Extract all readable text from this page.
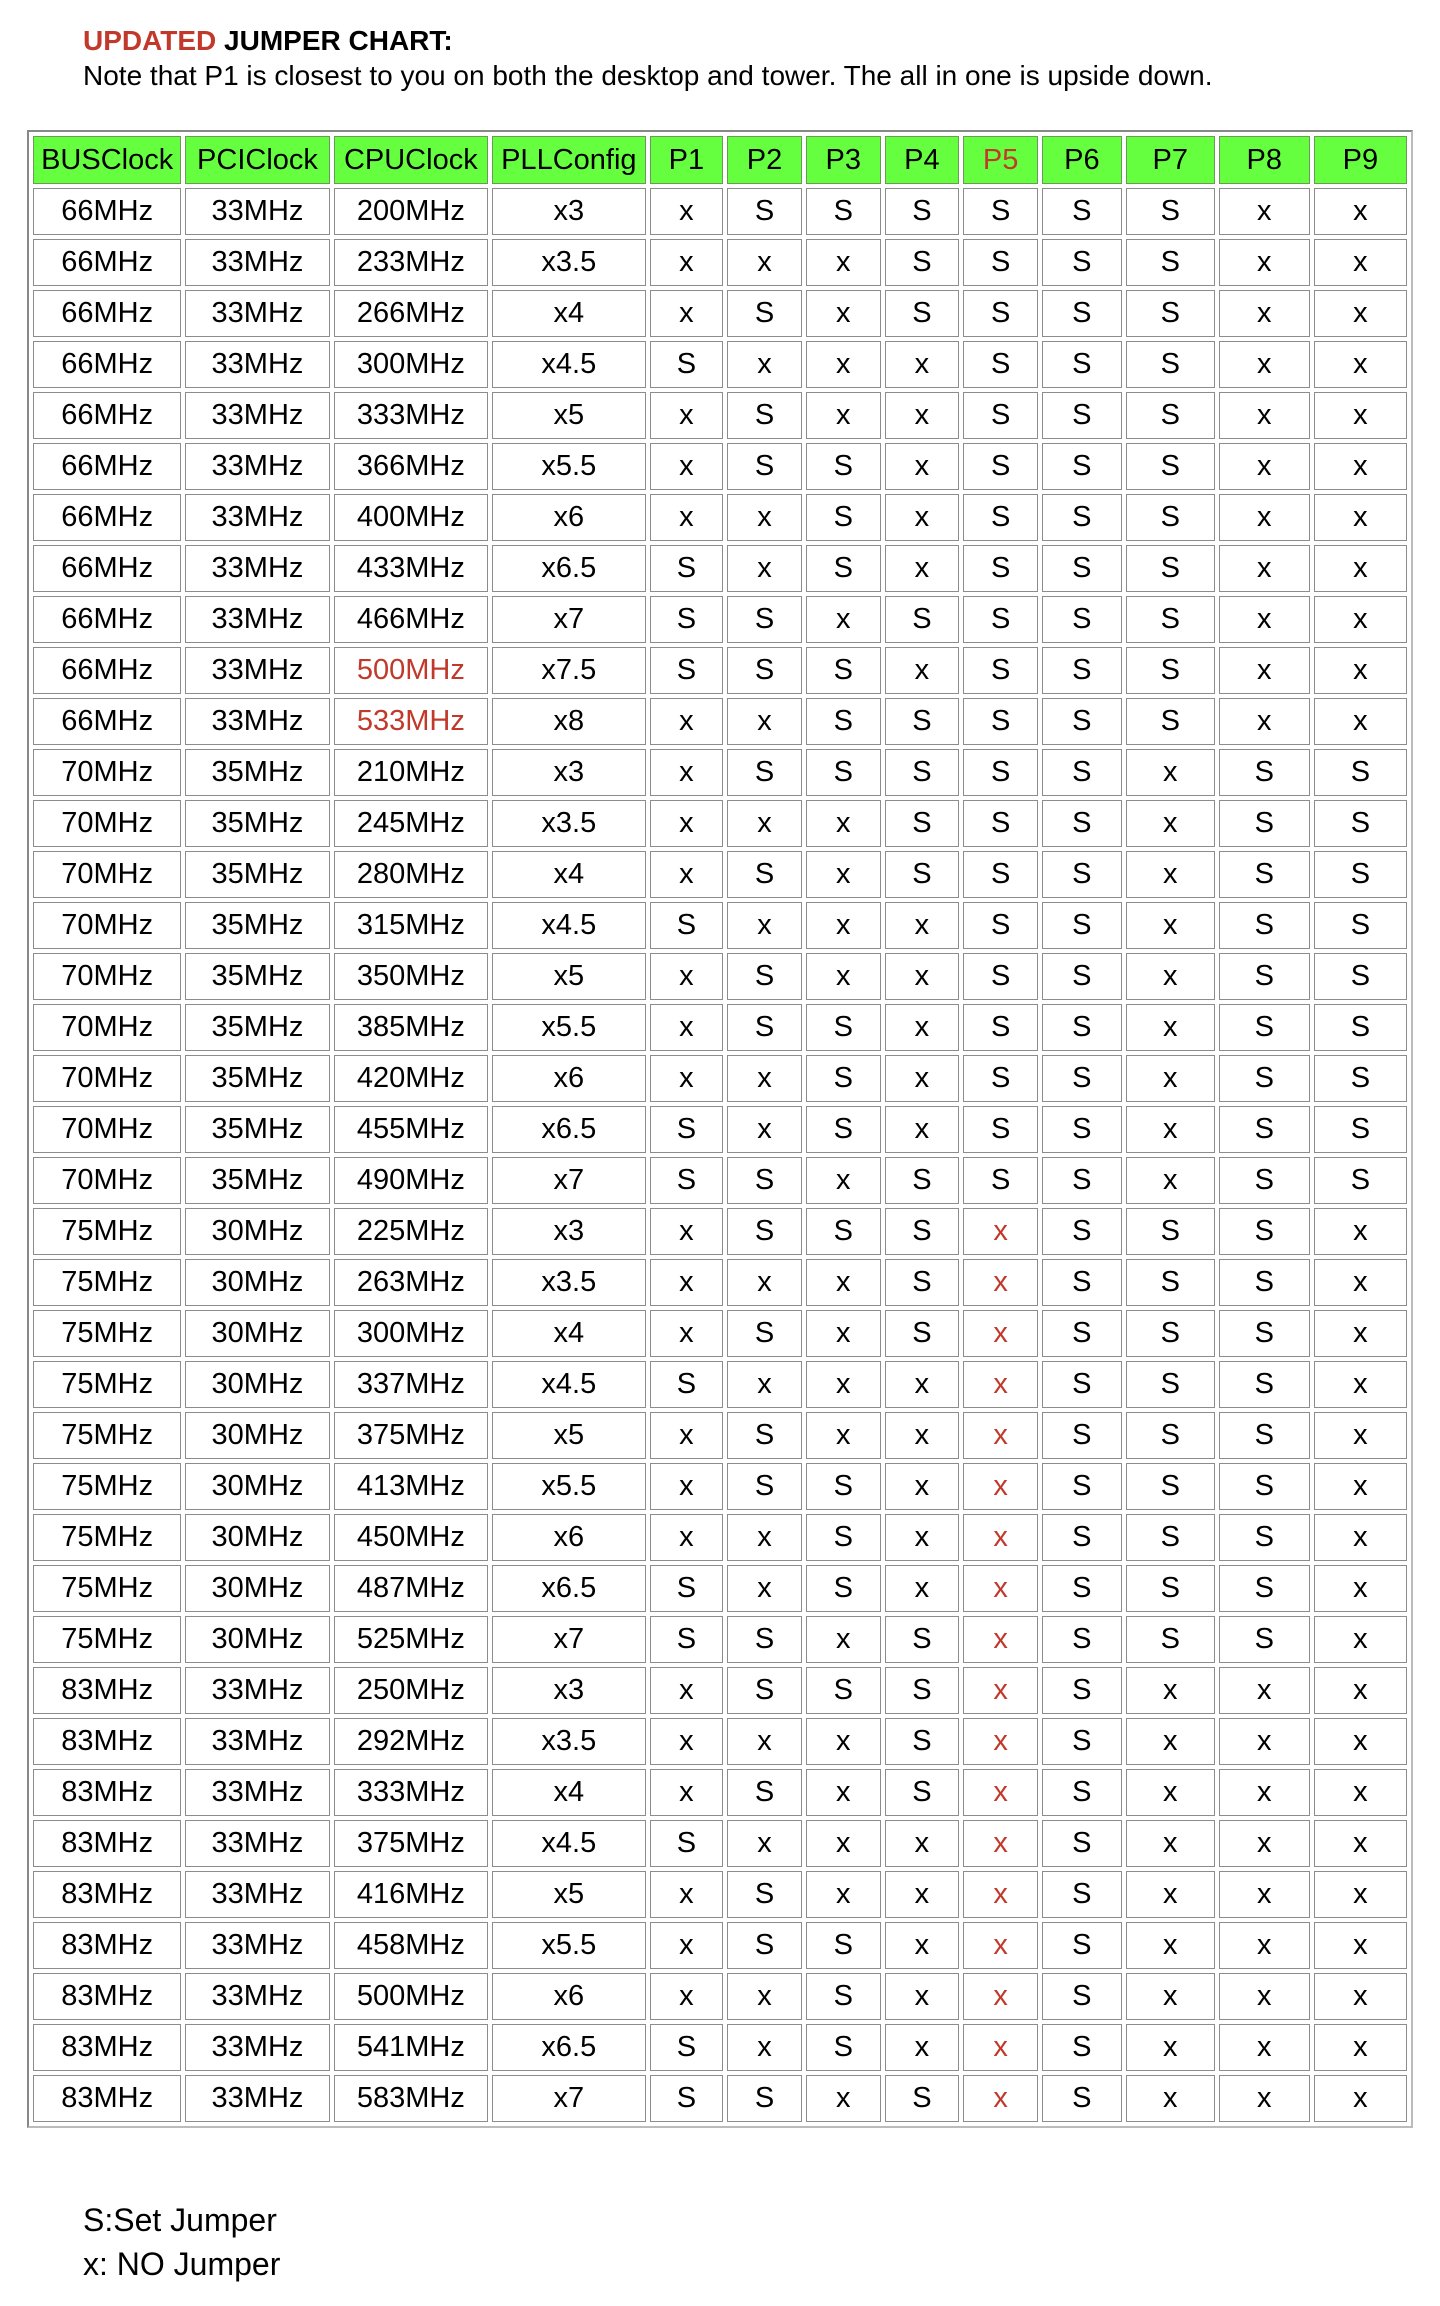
UPDATED JUMPER CHART:
Note that P1 is closest to you on both the desktop and tower. The all in one is upside down.
BUSClock	PCIClock	CPUClock	PLLConfig	P1	P2	P3	P4	P5	P6	P7	P8	P9
66MHz	33MHz	200MHz	x3	x	S	S	S	S	S	S	x	x
66MHz	33MHz	233MHz	x3.5	x	x	x	S	S	S	S	x	x
66MHz	33MHz	266MHz	x4	x	S	x	S	S	S	S	x	x
66MHz	33MHz	300MHz	x4.5	S	x	x	x	S	S	S	x	x
66MHz	33MHz	333MHz	x5	x	S	x	x	S	S	S	x	x
66MHz	33MHz	366MHz	x5.5	x	S	S	x	S	S	S	x	x
66MHz	33MHz	400MHz	x6	x	x	S	x	S	S	S	x	x
66MHz	33MHz	433MHz	x6.5	S	x	S	x	S	S	S	x	x
66MHz	33MHz	466MHz	x7	S	S	x	S	S	S	S	x	x
66MHz	33MHz	500MHz	x7.5	S	S	S	x	S	S	S	x	x
66MHz	33MHz	533MHz	x8	x	x	S	S	S	S	S	x	x
70MHz	35MHz	210MHz	x3	x	S	S	S	S	S	x	S	S
70MHz	35MHz	245MHz	x3.5	x	x	x	S	S	S	x	S	S
70MHz	35MHz	280MHz	x4	x	S	x	S	S	S	x	S	S
70MHz	35MHz	315MHz	x4.5	S	x	x	x	S	S	x	S	S
70MHz	35MHz	350MHz	x5	x	S	x	x	S	S	x	S	S
70MHz	35MHz	385MHz	x5.5	x	S	S	x	S	S	x	S	S
70MHz	35MHz	420MHz	x6	x	x	S	x	S	S	x	S	S
70MHz	35MHz	455MHz	x6.5	S	x	S	x	S	S	x	S	S
70MHz	35MHz	490MHz	x7	S	S	x	S	S	S	x	S	S
75MHz	30MHz	225MHz	x3	x	S	S	S	x	S	S	S	x
75MHz	30MHz	263MHz	x3.5	x	x	x	S	x	S	S	S	x
75MHz	30MHz	300MHz	x4	x	S	x	S	x	S	S	S	x
75MHz	30MHz	337MHz	x4.5	S	x	x	x	x	S	S	S	x
75MHz	30MHz	375MHz	x5	x	S	x	x	x	S	S	S	x
75MHz	30MHz	413MHz	x5.5	x	S	S	x	x	S	S	S	x
75MHz	30MHz	450MHz	x6	x	x	S	x	x	S	S	S	x
75MHz	30MHz	487MHz	x6.5	S	x	S	x	x	S	S	S	x
75MHz	30MHz	525MHz	x7	S	S	x	S	x	S	S	S	x
83MHz	33MHz	250MHz	x3	x	S	S	S	x	S	x	x	x
83MHz	33MHz	292MHz	x3.5	x	x	x	S	x	S	x	x	x
83MHz	33MHz	333MHz	x4	x	S	x	S	x	S	x	x	x
83MHz	33MHz	375MHz	x4.5	S	x	x	x	x	S	x	x	x
83MHz	33MHz	416MHz	x5	x	S	x	x	x	S	x	x	x
83MHz	33MHz	458MHz	x5.5	x	S	S	x	x	S	x	x	x
83MHz	33MHz	500MHz	x6	x	x	S	x	x	S	x	x	x
83MHz	33MHz	541MHz	x6.5	S	x	S	x	x	S	x	x	x
83MHz	33MHz	583MHz	x7	S	S	x	S	x	S	x	x	x
S:Set Jumper
x: NO Jumper
